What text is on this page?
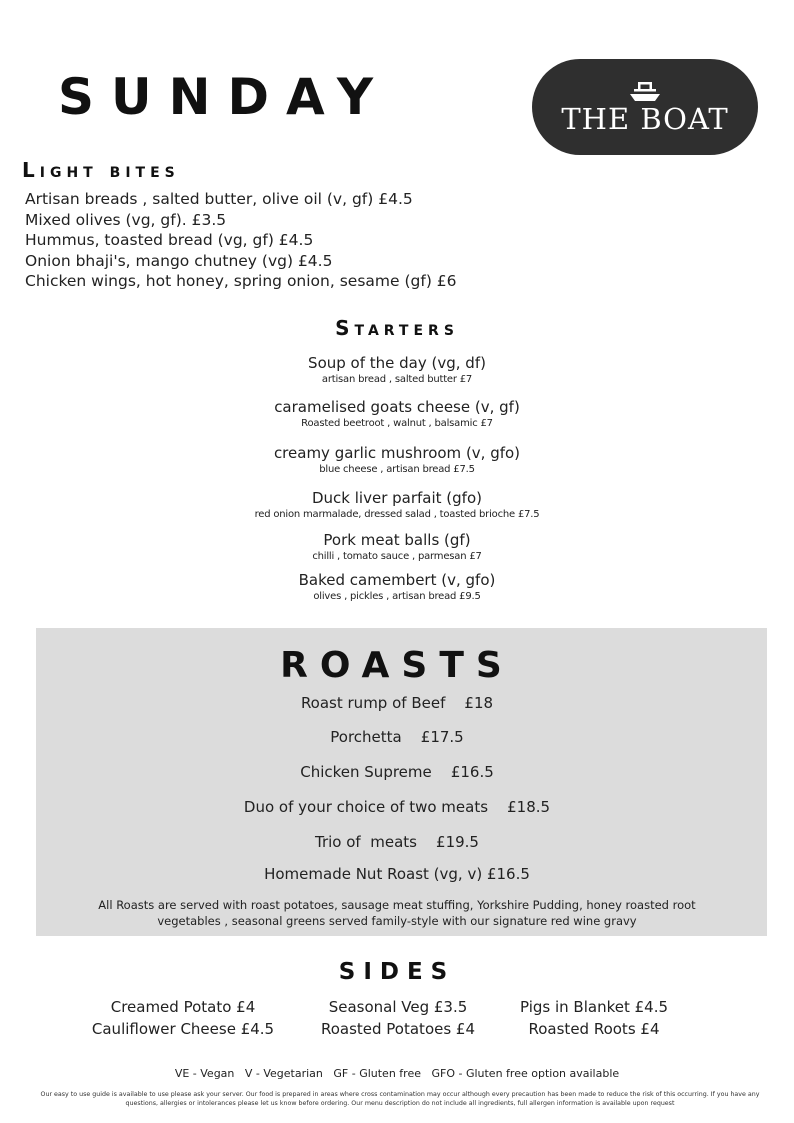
SUNDAY	THE BOAT
Light bites
Artisan breads , salted butter, olive oil (v, gf) £4.5
Mixed olives (vg, gf). £3.5
Hummus, toasted bread (vg, gf) £4.5
Onion bhaji's, mango chutney (vg) £4.5
Chicken wings, hot honey, spring onion, sesame (gf) £6
Starters
Soup of the day (vg, df)
artisan bread , salted butter £7
caramelised goats cheese (v, gf)
Roasted beetroot , walnut , balsamic £7
creamy garlic mushroom (v, gfo)
blue cheese , artisan bread £7.5
Duck liver parfait (gfo)
red onion marmalade, dressed salad , toasted brioche £7.5
Pork meat balls (gf)
chilli , tomato sauce , parmesan £7
Baked camembert (v, gfo)
olives , pickles , artisan bread £9.5
ROASTS
Roast rump of Beef    £18
Porchetta    £17.5
Chicken Supreme    £16.5
Duo of your choice of two meats    £18.5
Trio of  meats    £19.5
Homemade Nut Roast (vg, v) £16.5
All Roasts are served with roast potatoes, sausage meat stuffing, Yorkshire Pudding, honey roasted root vegetables , seasonal greens served family-style with our signature red wine gravy
SIDES
Creamed Potato £4
Cauliflower Cheese £4.5
Seasonal Veg £3.5
Roasted Potatoes £4
Pigs in Blanket £4.5
Roasted Roots £4
VE - Vegan   V - Vegetarian   GF - Gluten free   GFO - Gluten free option available
Our easy to use guide is available to use please ask your server. Our food is prepared in areas where cross contamination may occur although every precaution has been made to reduce the risk of this occurring. If you have any questions, allergies or intolerances please let us know before ordering. Our menu description do not include all ingredients, full allergen information is available upon request
